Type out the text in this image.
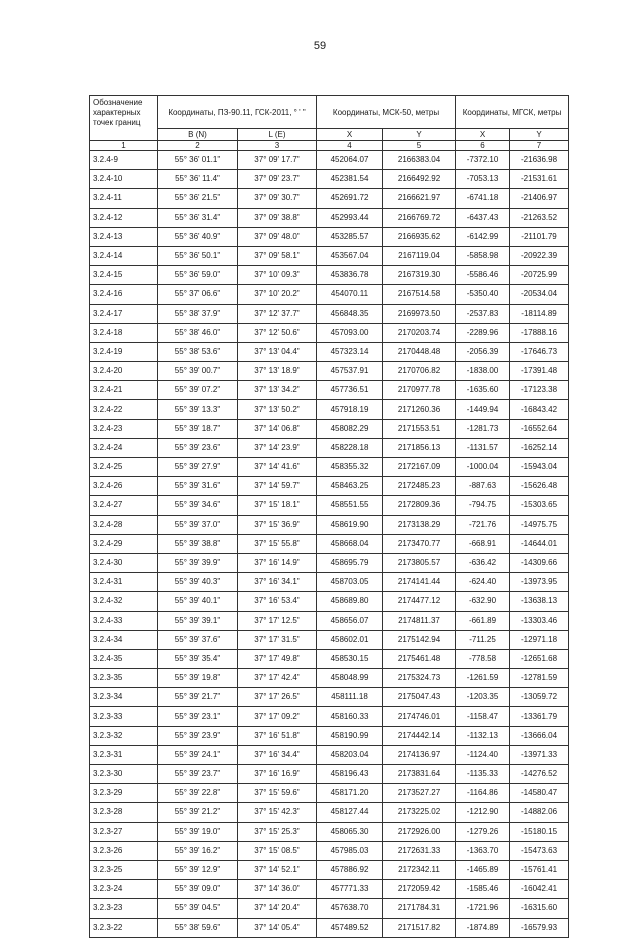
59
Обозначение характерных точек границ	Координаты, ПЗ-90.11, ГСК-2011, ° ' "		Координаты, МСК-50, метры		Координаты, МГСК, метры	
	B (N)	L (E)	X	Y	X	Y
1	2	3	4	5	6	7
3.2.4-9	55° 36' 01.1"	37° 09' 17.7"	452064.07	2166383.04	-7372.10	-21636.98
3.2.4-10	55° 36' 11.4"	37° 09' 23.7"	452381.54	2166492.92	-7053.13	-21531.61
3.2.4-11	55° 36' 21.5"	37° 09' 30.7"	452691.72	2166621.97	-6741.18	-21406.97
3.2.4-12	55° 36' 31.4"	37° 09' 38.8"	452993.44	2166769.72	-6437.43	-21263.52
3.2.4-13	55° 36' 40.9"	37° 09' 48.0"	453285.57	2166935.62	-6142.99	-21101.79
3.2.4-14	55° 36' 50.1"	37° 09' 58.1"	453567.04	2167119.04	-5858.98	-20922.39
3.2.4-15	55° 36' 59.0"	37° 10' 09.3"	453836.78	2167319.30	-5586.46	-20725.99
3.2.4-16	55° 37' 06.6"	37° 10' 20.2"	454070.11	2167514.58	-5350.40	-20534.04
3.2.4-17	55° 38' 37.9"	37° 12' 37.7"	456848.35	2169973.50	-2537.83	-18114.89
3.2.4-18	55° 38' 46.0"	37° 12' 50.6"	457093.00	2170203.74	-2289.96	-17888.16
3.2.4-19	55° 38' 53.6"	37° 13' 04.4"	457323.14	2170448.48	-2056.39	-17646.73
3.2.4-20	55° 39' 00.7"	37° 13' 18.9"	457537.91	2170706.82	-1838.00	-17391.48
3.2.4-21	55° 39' 07.2"	37° 13' 34.2"	457736.51	2170977.78	-1635.60	-17123.38
3.2.4-22	55° 39' 13.3"	37° 13' 50.2"	457918.19	2171260.36	-1449.94	-16843.42
3.2.4-23	55° 39' 18.7"	37° 14' 06.8"	458082.29	2171553.51	-1281.73	-16552.64
3.2.4-24	55° 39' 23.6"	37° 14' 23.9"	458228.18	2171856.13	-1131.57	-16252.14
3.2.4-25	55° 39' 27.9"	37° 14' 41.6"	458355.32	2172167.09	-1000.04	-15943.04
3.2.4-26	55° 39' 31.6"	37° 14' 59.7"	458463.25	2172485.23	-887.63	-15626.48
3.2.4-27	55° 39' 34.6"	37° 15' 18.1"	458551.55	2172809.36	-794.75	-15303.65
3.2.4-28	55° 39' 37.0"	37° 15' 36.9"	458619.90	2173138.29	-721.76	-14975.75
3.2.4-29	55° 39' 38.8"	37° 15' 55.8"	458668.04	2173470.77	-668.91	-14644.01
3.2.4-30	55° 39' 39.9"	37° 16' 14.9"	458695.79	2173805.57	-636.42	-14309.66
3.2.4-31	55° 39' 40.3"	37° 16' 34.1"	458703.05	2174141.44	-624.40	-13973.95
3.2.4-32	55° 39' 40.1"	37° 16' 53.4"	458689.80	2174477.12	-632.90	-13638.13
3.2.4-33	55° 39' 39.1"	37° 17' 12.5"	458656.07	2174811.37	-661.89	-13303.46
3.2.4-34	55° 39' 37.6"	37° 17' 31.5"	458602.01	2175142.94	-711.25	-12971.18
3.2.4-35	55° 39' 35.4"	37° 17' 49.8"	458530.15	2175461.48	-778.58	-12651.68
3.2.3-35	55° 39' 19.8"	37° 17' 42.4"	458048.99	2175324.73	-1261.59	-12781.59
3.2.3-34	55° 39' 21.7"	37° 17' 26.5"	458111.18	2175047.43	-1203.35	-13059.72
3.2.3-33	55° 39' 23.1"	37° 17' 09.2"	458160.33	2174746.01	-1158.47	-13361.79
3.2.3-32	55° 39' 23.9"	37° 16' 51.8"	458190.99	2174442.14	-1132.13	-13666.04
3.2.3-31	55° 39' 24.1"	37° 16' 34.4"	458203.04	2174136.97	-1124.40	-13971.33
3.2.3-30	55° 39' 23.7"	37° 16' 16.9"	458196.43	2173831.64	-1135.33	-14276.52
3.2.3-29	55° 39' 22.8"	37° 15' 59.6"	458171.20	2173527.27	-1164.86	-14580.47
3.2.3-28	55° 39' 21.2"	37° 15' 42.3"	458127.44	2173225.02	-1212.90	-14882.06
3.2.3-27	55° 39' 19.0"	37° 15' 25.3"	458065.30	2172926.00	-1279.26	-15180.15
3.2.3-26	55° 39' 16.2"	37° 15' 08.5"	457985.03	2172631.33	-1363.70	-15473.63
3.2.3-25	55° 39' 12.9"	37° 14' 52.1"	457886.92	2172342.11	-1465.89	-15761.41
3.2.3-24	55° 39' 09.0"	37° 14' 36.0"	457771.33	2172059.42	-1585.46	-16042.41
3.2.3-23	55° 39' 04.5"	37° 14' 20.4"	457638.70	2171784.31	-1721.96	-16315.60
3.2.3-22	55° 38' 59.6"	37° 14' 05.4"	457489.52	2171517.82	-1874.89	-16579.93
